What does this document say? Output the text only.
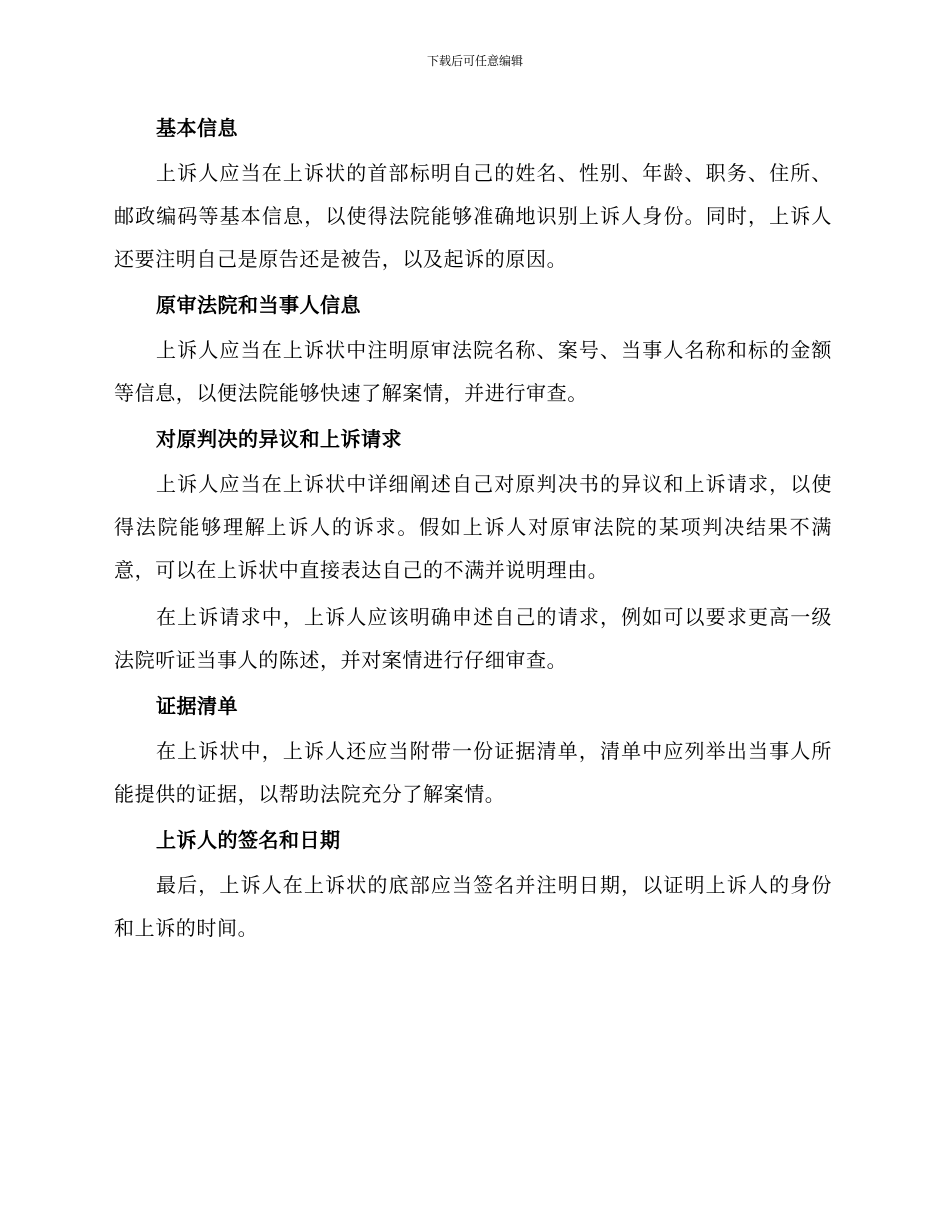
下载后可任意编辑
基本信息

上诉人应当在上诉状的首部标明自己的姓名、性别、年龄、职务、住所、邮政编码等基本信息，以使得法院能够准确地识别上诉人身份。同时，上诉人还要注明自己是原告还是被告，以及起诉的原因。

原审法院和当事人信息

上诉人应当在上诉状中注明原审法院名称、案号、当事人名称和标的金额等信息，以便法院能够快速了解案情，并进行审查。

对原判决的异议和上诉请求

上诉人应当在上诉状中详细阐述自己对原判决书的异议和上诉请求，以使得法院能够理解上诉人的诉求。假如上诉人对原审法院的某项判决结果不满意，可以在上诉状中直接表达自己的不满并说明理由。

在上诉请求中，上诉人应该明确申述自己的请求，例如可以要求更高一级法院听证当事人的陈述，并对案情进行仔细审查。

证据清单

在上诉状中，上诉人还应当附带一份证据清单，清单中应列举出当事人所能提供的证据，以帮助法院充分了解案情。

上诉人的签名和日期

最后，上诉人在上诉状的底部应当签名并注明日期，以证明上诉人的身份和上诉的时间。
